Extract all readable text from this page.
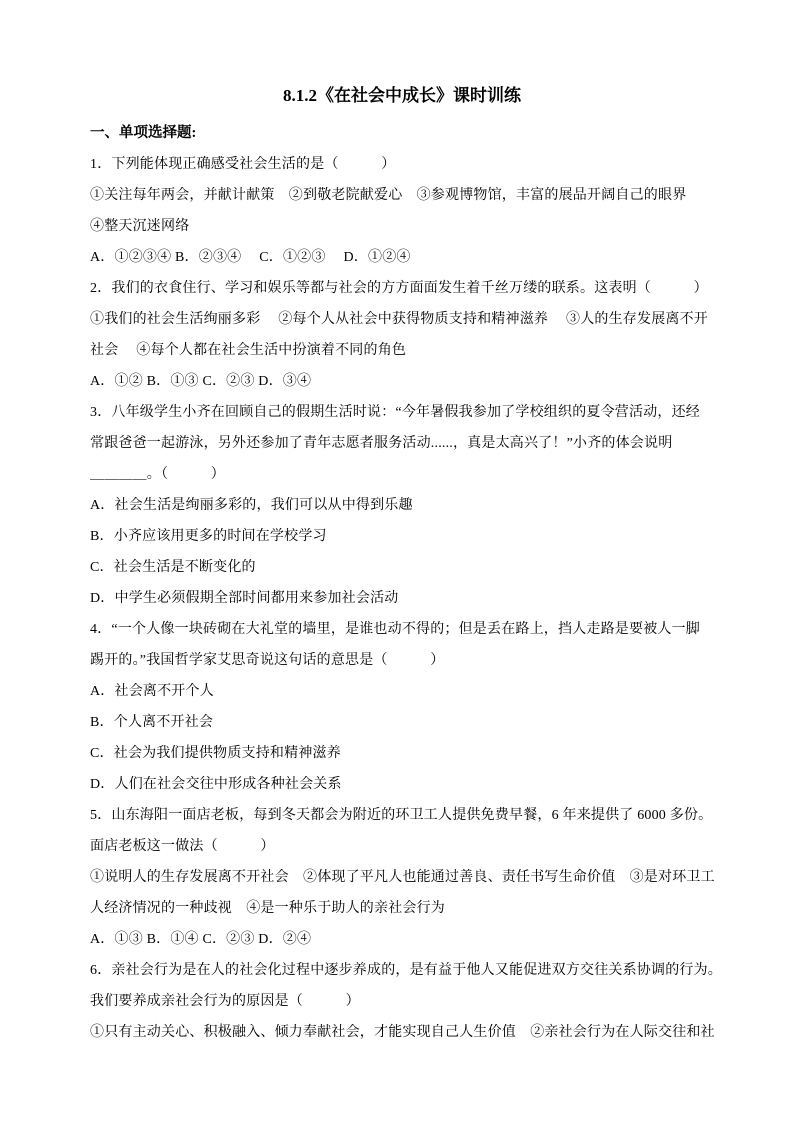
8.1.2《在社会中成长》课时训练
一、单项选择题:
1．下列能体现正确感受社会生活的是（　　　）
①关注每年两会，并献计献策　②到敬老院献爱心　③参观博物馆，丰富的展品开阔自己的眼界
④整天沉迷网络
A．①②③④ B．②③④　 C．①②③　 D．①②④
2．我们的衣食住行、学习和娱乐等都与社会的方方面面发生着千丝万缕的联系。这表明（　　　）
①我们的社会生活绚丽多彩　 ②每个人从社会中获得物质支持和精神滋养　 ③人的生存发展离不开
社会　 ④每个人都在社会生活中扮演着不同的角色
A．①② B．①③ C．②③ D．③④
3．八年级学生小齐在回顾自己的假期生活时说：“今年暑假我参加了学校组织的夏令营活动，还经
常跟爸爸一起游泳，另外还参加了青年志愿者服务活动......，真是太高兴了！”小齐的体会说明
＿＿＿＿。（　　　）
A．社会生活是绚丽多彩的，我们可以从中得到乐趣
B．小齐应该用更多的时间在学校学习
C．社会生活是不断变化的
D．中学生必须假期全部时间都用来参加社会活动
4．“一个人像一块砖砌在大礼堂的墙里，是谁也动不得的；但是丢在路上，挡人走路是要被人一脚
踢开的。”我国哲学家艾思奇说这句话的意思是（　　　）
A．社会离不开个人
B．个人离不开社会
C．社会为我们提供物质支持和精神滋养
D．人们在社会交往中形成各种社会关系
5．山东海阳一面店老板，每到冬天都会为附近的环卫工人提供免费早餐，6 年来提供了 6000 多份。
面店老板这一做法（　　　）
①说明人的生存发展离不开社会　②体现了平凡人也能通过善良、责任书写生命价值　③是对环卫工
人经济情况的一种歧视　④是一种乐于助人的亲社会行为
A．①③ B．①④ C．②③ D．②④
6．亲社会行为是在人的社会化过程中逐步养成的，是有益于他人又能促进双方交往关系协调的行为。
我们要养成亲社会行为的原因是（　　　）
①只有主动关心、积极融入、倾力奉献社会，才能实现自己人生价值　②亲社会行为在人际交往和社
